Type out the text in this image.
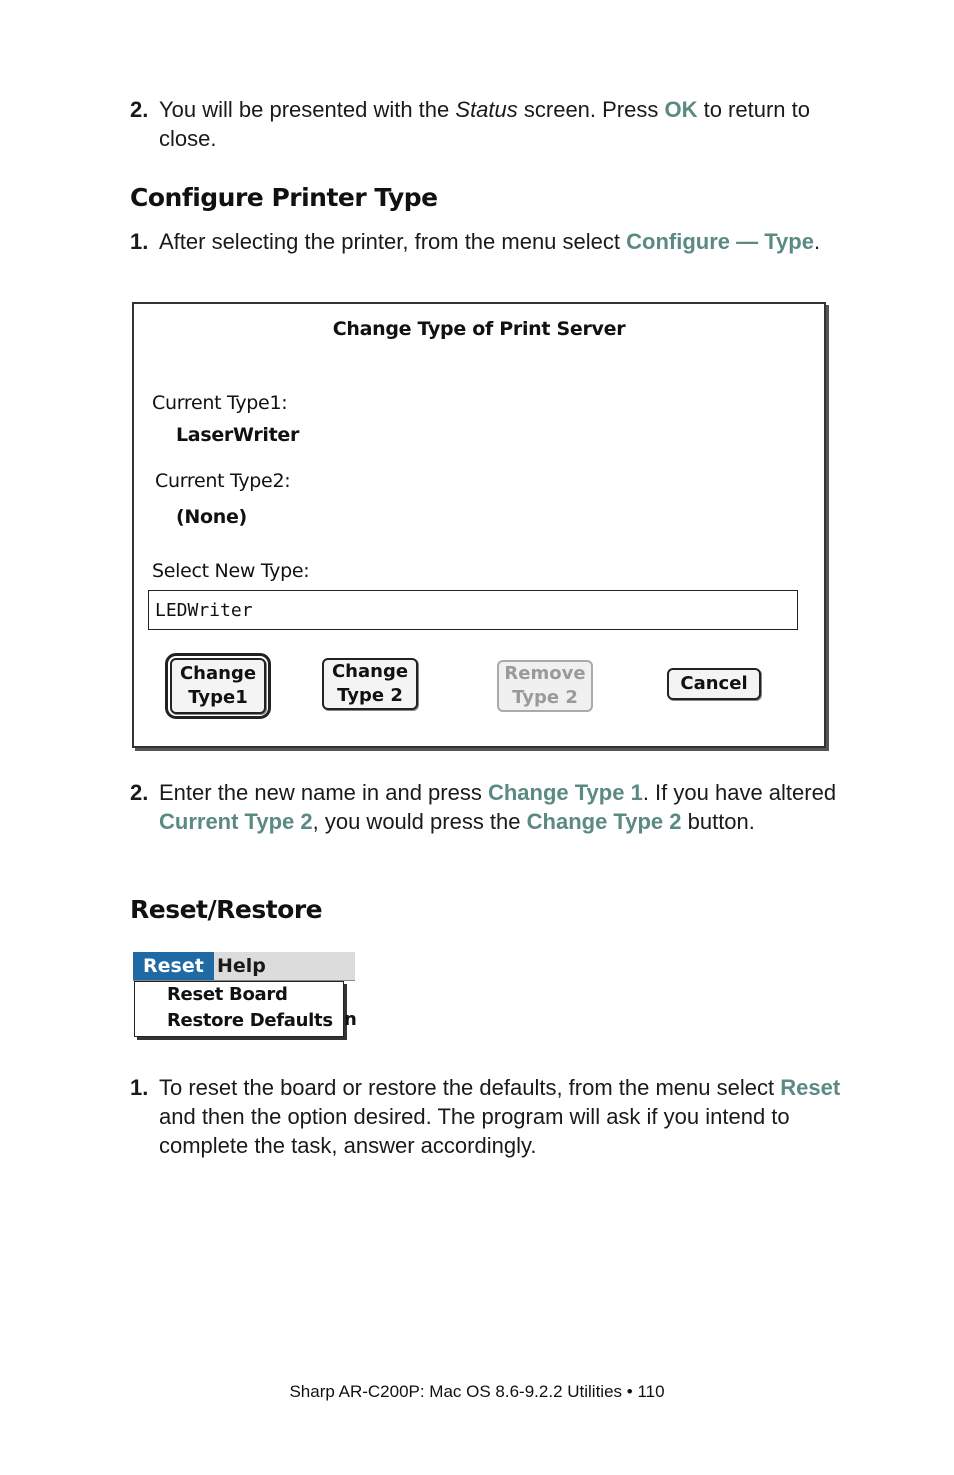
2. You will be presented with the Status screen. Press OK to return to close.
Configure Printer Type
1. After selecting the printer, from the menu select Configure — Type.
Change Type of Print Server
Current Type1:
LaserWriter
Current Type2:
(None)
Select New Type:
LEDWriter
Change
Type1
Change
Type 2
Remove
Type 2
Cancel
2. Enter the new name in and press Change Type 1. If you have altered Current Type 2, you would press the Change Type 2 button.
Reset/Restore
Reset Help
Reset Board
Restore Defaults n
1. To reset the board or restore the defaults, from the menu select Reset and then the option desired. The program will ask if you intend to complete the task, answer accordingly.
Sharp AR-C200P: Mac OS 8.6-9.2.2 Utilities • 110
